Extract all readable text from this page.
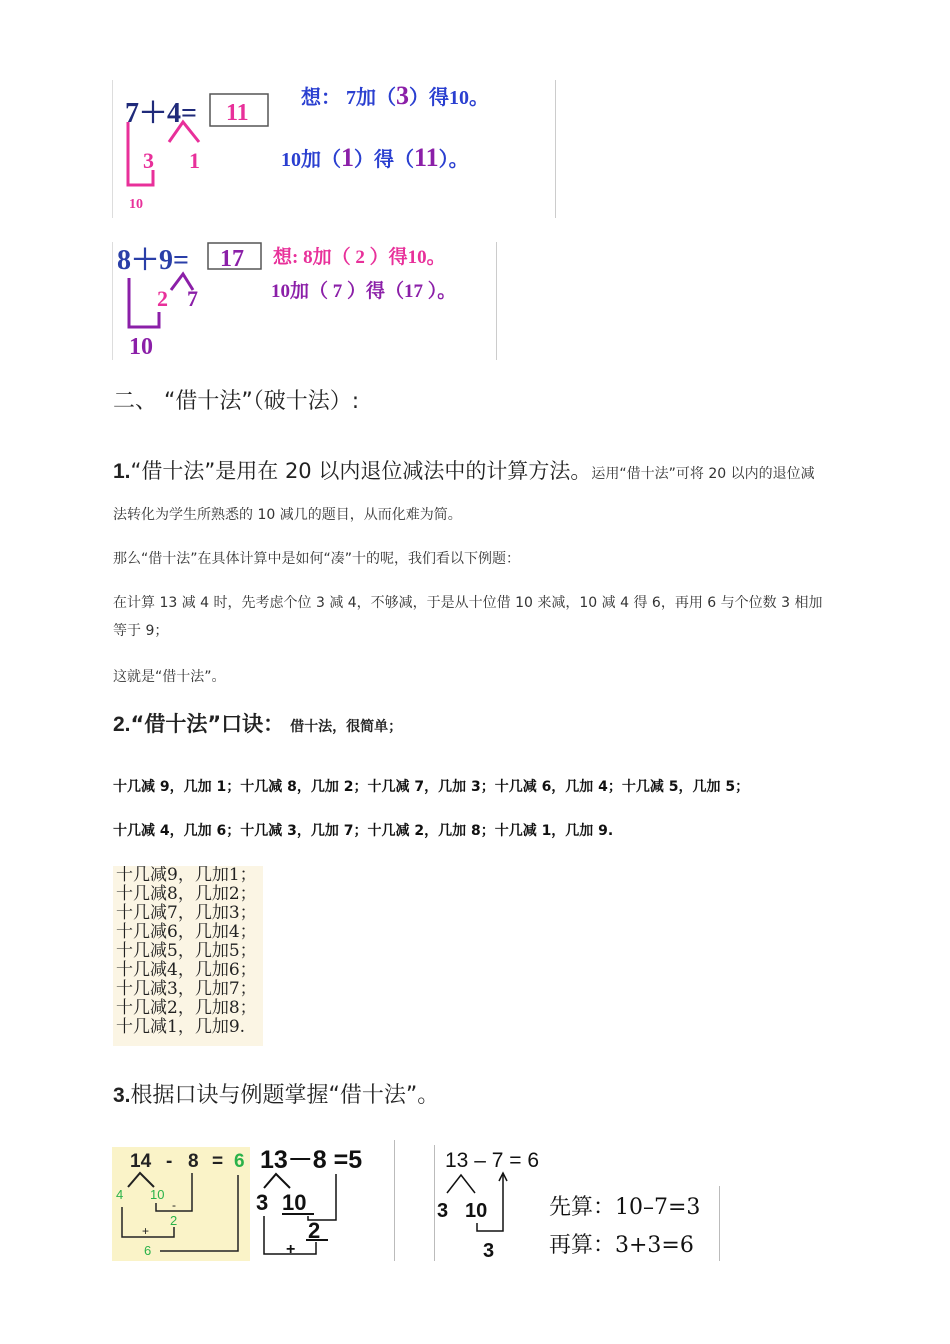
7＋4= 11
3 1
10
想： 7加（3）得10。
10加（1）得（11）。
8＋9= 17
2 7
10
想: 8加（ 2 ）得10。
10加（ 7 ）得（17 ）。
二、 “借十法”（破十法）:
1.“借十法”是用在 20 以内退位减法中的计算方法。运用“借十法”可将 20 以内的退位减
法转化为学生所熟悉的 10 减几的题目，从而化难为简。
那么“借十法”在具体计算中是如何“凑”十的呢，我们看以下例题：
在计算 13 减 4 时，先考虑个位 3 减 4，不够减，于是从十位借 10 来减，10 减 4 得 6，再用 6 与个位数 3 相加
等于 9；
这就是“借十法”。
2.“借十法”口诀： 借十法，很简单；
十几减 9，几加 1；十几减 8，几加 2；十几减 7，几加 3；十几减 6，几加 4；十几减 5，几加 5；
十几减 4，几加 6；十几减 3，几加 7；十几减 2，几加 8；十几减 1，几加 9.
十几减9，几加1；
十几减8，几加2；
十几减7，几加3；
十几减6，几加4；
十几减5，几加5；
十几减4，几加6；
十几减3，几加7；
十几减2，几加8；
十几减1，几加9.
3.根据口诀与例题掌握“借十法”。
14 - 8 = 6
4 10
-
2
+
6
13－8 =5
3 10
2
+
13 – 7 = 6
3 10
3
先算：10–7=3
再算：3+3=6
